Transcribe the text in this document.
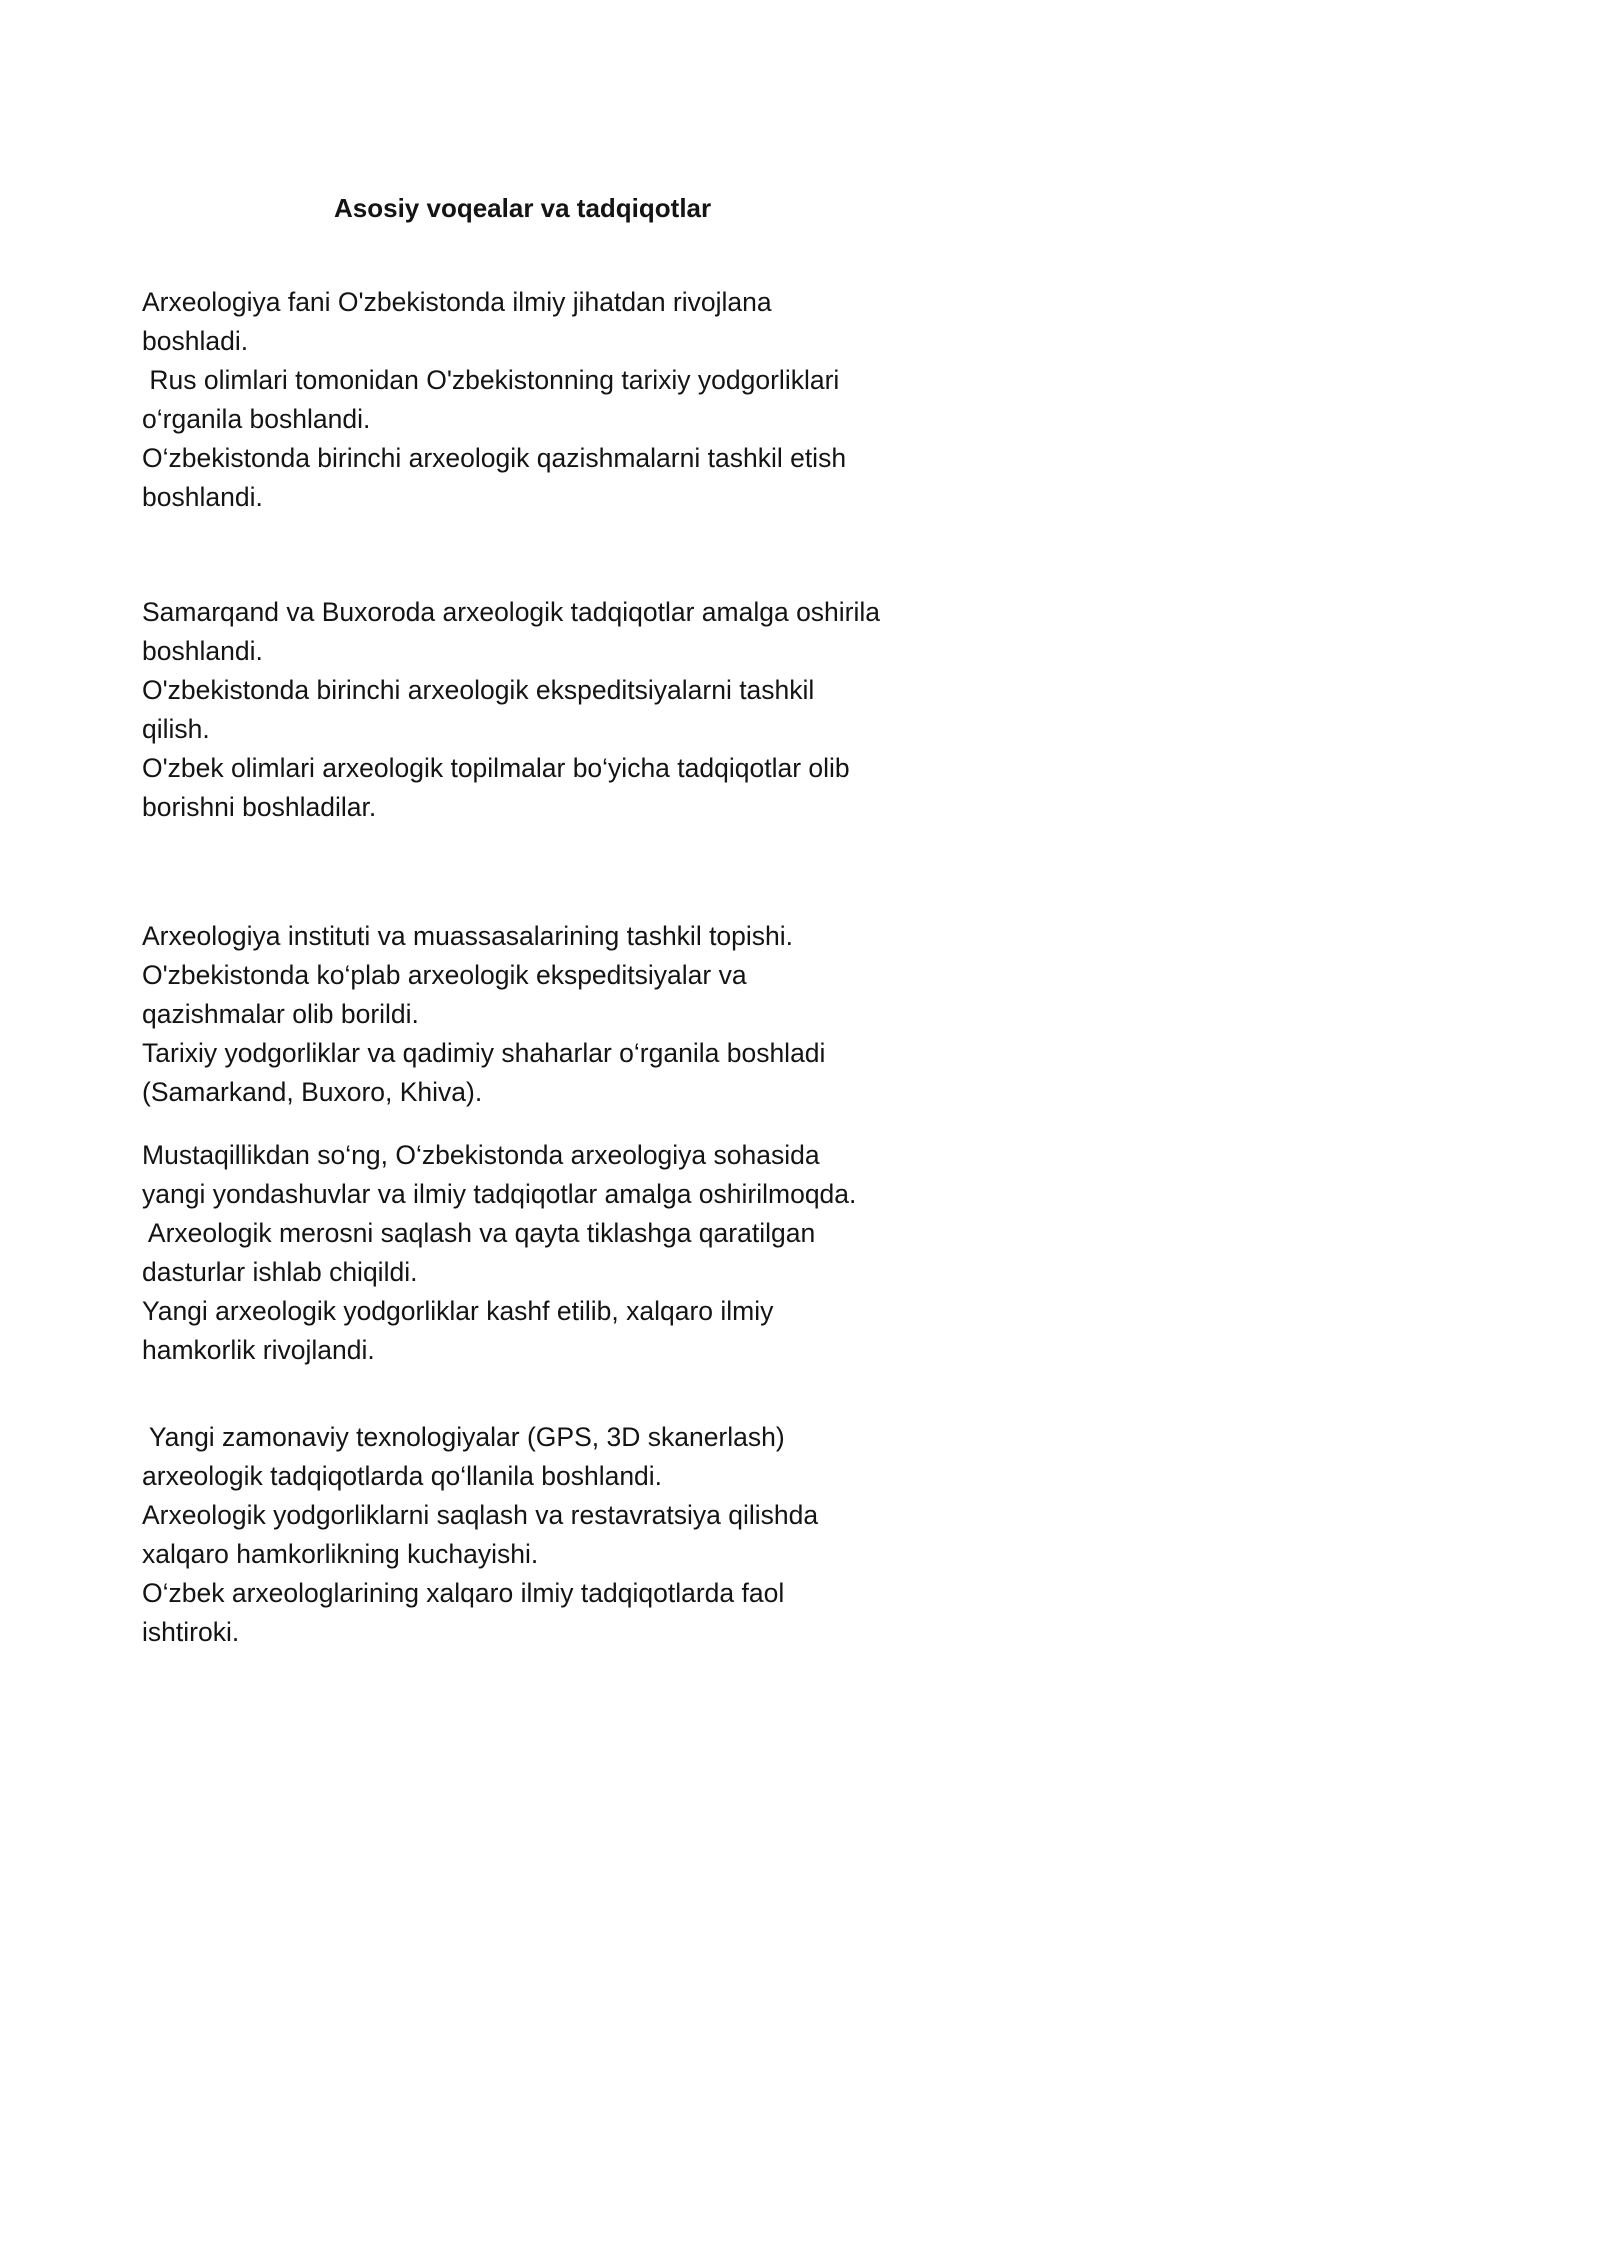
Asosiy voqealar va tadqiqotlar
Arxeologiya fani O'zbekistonda ilmiy jihatdan rivojlana
boshladi.
Rus olimlari tomonidan O'zbekistonning tarixiy yodgorliklari
o‘rganila boshlandi.
O‘zbekistonda birinchi arxeologik qazishmalarni tashkil etish
boshlandi.
Samarqand va Buxoroda arxeologik tadqiqotlar amalga oshirila
boshlandi.
O'zbekistonda birinchi arxeologik ekspeditsiyalarni tashkil
qilish.
O'zbek olimlari arxeologik topilmalar bo‘yicha tadqiqotlar olib
borishni boshladilar.
Arxeologiya instituti va muassasalarining tashkil topishi.
O'zbekistonda ko‘plab arxeologik ekspeditsiyalar va
qazishmalar olib borildi.
Tarixiy yodgorliklar va qadimiy shaharlar o‘rganila boshladi
(Samarkand, Buxoro, Khiva).
Mustaqillikdan so‘ng, O‘zbekistonda arxeologiya sohasida
yangi yondashuvlar va ilmiy tadqiqotlar amalga oshirilmoqda.
Arxeologik merosni saqlash va qayta tiklashga qaratilgan
dasturlar ishlab chiqildi.
Yangi arxeologik yodgorliklar kashf etilib, xalqaro ilmiy
hamkorlik rivojlandi.
Yangi zamonaviy texnologiyalar (GPS, 3D skanerlash)
arxeologik tadqiqotlarda qo‘llanila boshlandi.
Arxeologik yodgorliklarni saqlash va restavratsiya qilishda
xalqaro hamkorlikning kuchayishi.
O‘zbek arxeologlarining xalqaro ilmiy tadqiqotlarda faol
ishtiroki.
